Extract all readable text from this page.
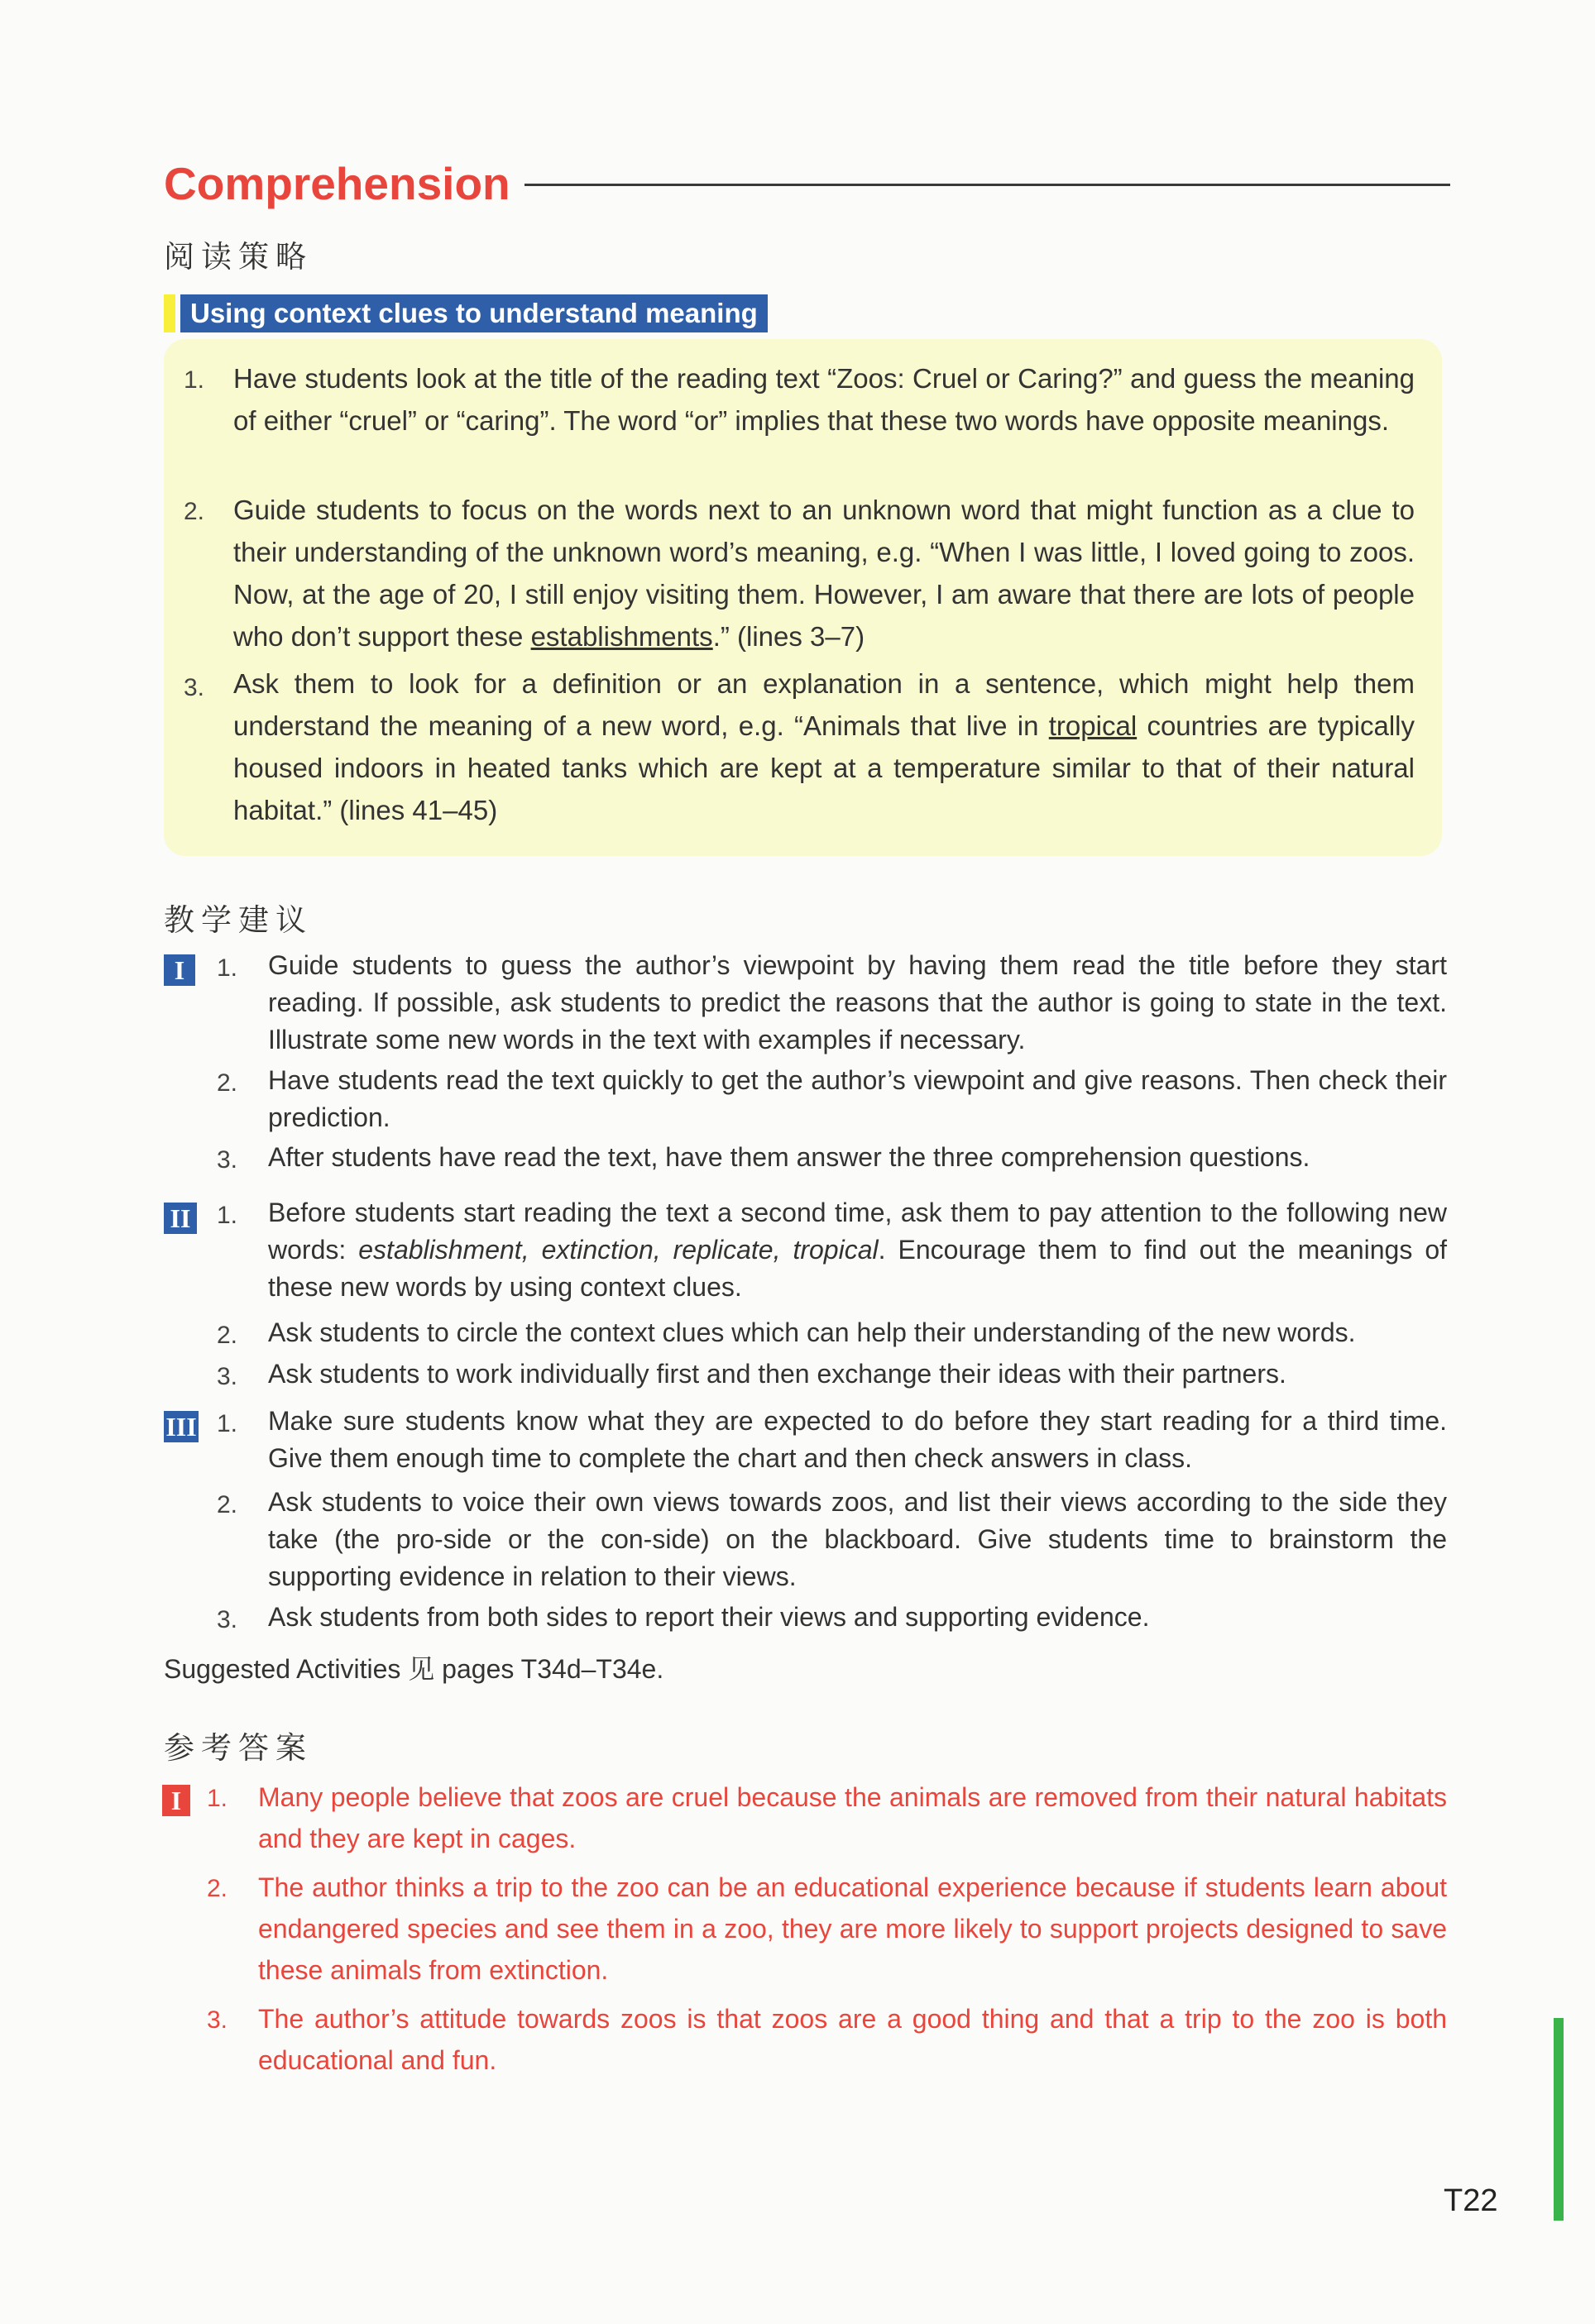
Comprehension
阅读策略
Using context clues to understand meaning
1. Have students look at the title of the reading text “Zoos: Cruel or Caring?” and guess the meaning of either “cruel” or “caring”. The word “or” implies that these two words have opposite meanings.
2. Guide students to focus on the words next to an unknown word that might function as a clue to their understanding of the unknown word’s meaning, e.g. “When I was little, I loved going to zoos. Now, at the age of 20, I still enjoy visiting them. However, I am aware that there are lots of people who don’t support these establishments.” (lines 3–7)
3. Ask them to look for a definition or an explanation in a sentence, which might help them understand the meaning of a new word, e.g. “Animals that live in tropical countries are typically housed indoors in heated tanks which are kept at a temperature similar to that of their natural habitat.” (lines 41–45)
教学建议
I	1. Guide students to guess the author’s viewpoint by having them read the title before they start reading. If possible, ask students to predict the reasons that the author is going to state in the text. Illustrate some new words in the text with examples if necessary.
2. Have students read the text quickly to get the author’s viewpoint and give reasons. Then check their prediction.
3. After students have read the text, have them answer the three comprehension questions.
II 1. Before students start reading the text a second time, ask them to pay attention to the following new words: establishment, extinction, replicate, tropical. Encourage them to find out the meanings of these new words by using context clues.
2. Ask students to circle the context clues which can help their understanding of the new words.
3. Ask students to work individually first and then exchange their ideas with their partners.
III 1. Make sure students know what they are expected to do before they start reading for a third time. Give them enough time to complete the chart and then check answers in class.
2. Ask students to voice their own views towards zoos, and list their views according to the side they take (the pro-side or the con-side) on the blackboard. Give students time to brainstorm the supporting evidence in relation to their views.
3. Ask students from both sides to report their views and supporting evidence.
Suggested Activities 见 pages T34d–T34e.
参考答案
I	1. Many people believe that zoos are cruel because the animals are removed from their natural habitats and they are kept in cages.
2. The author thinks a trip to the zoo can be an educational experience because if students learn about endangered species and see them in a zoo, they are more likely to support projects designed to save these animals from extinction.
3. The author’s attitude towards zoos is that zoos are a good thing and that a trip to the zoo is both educational and fun.
T22
